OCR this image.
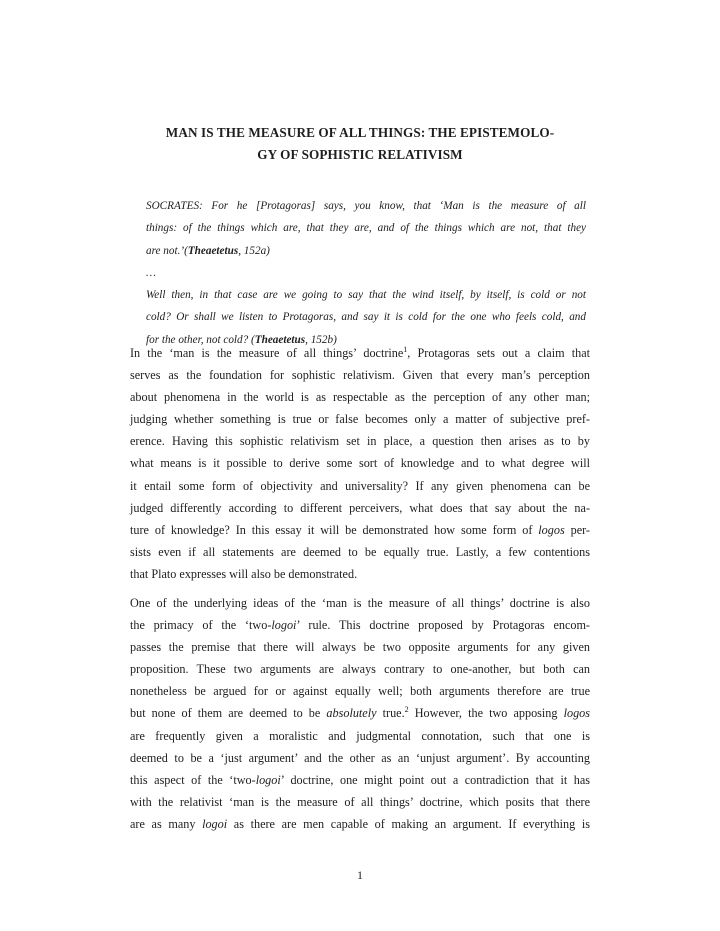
MAN IS THE MEASURE OF ALL THINGS: THE EPISTEMOLO-
GY OF SOPHISTIC RELATIVISM
SOCRATES: For he [Protagoras] says, you know, that ‘Man is the measure of all
things: of the things which are, that they are, and of the things which are not, that they
are not.’(Theaetetus, 152a)
…
Well then, in that case are we going to say that the wind itself, by itself, is cold or not
cold? Or shall we listen to Protagoras, and say it is cold for the one who feels cold, and
for the other, not cold? (Theaetetus, 152b)
In the ‘man is the measure of all things’ doctrine$^1$, Protagoras sets out a claim that
serves as the foundation for sophistic relativism. Given that every man’s perception
about phenomena in the world is as respectable as the perception of any other man;
judging whether something is true or false becomes only a matter of subjective pref-
erence. Having this sophistic relativism set in place, a question then arises as to by
what means is it possible to derive some sort of knowledge and to what degree will
it entail some form of objectivity and universality? If any given phenomena can be
judged differently according to different perceivers, what does that say about the na-
ture of knowledge? In this essay it will be demonstrated how some form of logos per-
sists even if all statements are deemed to be equally true. Lastly, a few contentions
that Plato expresses will also be demonstrated.
One of the underlying ideas of the ‘man is the measure of all things’ doctrine is also
the primacy of the ‘two-logoi’ rule. This doctrine proposed by Protagoras encom-
passes the premise that there will always be two opposite arguments for any given
proposition. These two arguments are always contrary to one-another, but both can
nonetheless be argued for or against equally well; both arguments therefore are true
but none of them are deemed to be absolutely true.$^2$ However, the two apposing logos
are frequently given a moralistic and judgmental connotation, such that one is
deemed to be a ‘just argument’ and the other as an ‘unjust argument’. By accounting
this aspect of the ‘two-logoi’ doctrine, one might point out a contradiction that it has
with the relativist ‘man is the measure of all things’ doctrine, which posits that there
are as many logoi as there are men capable of making an argument. If everything is
1
